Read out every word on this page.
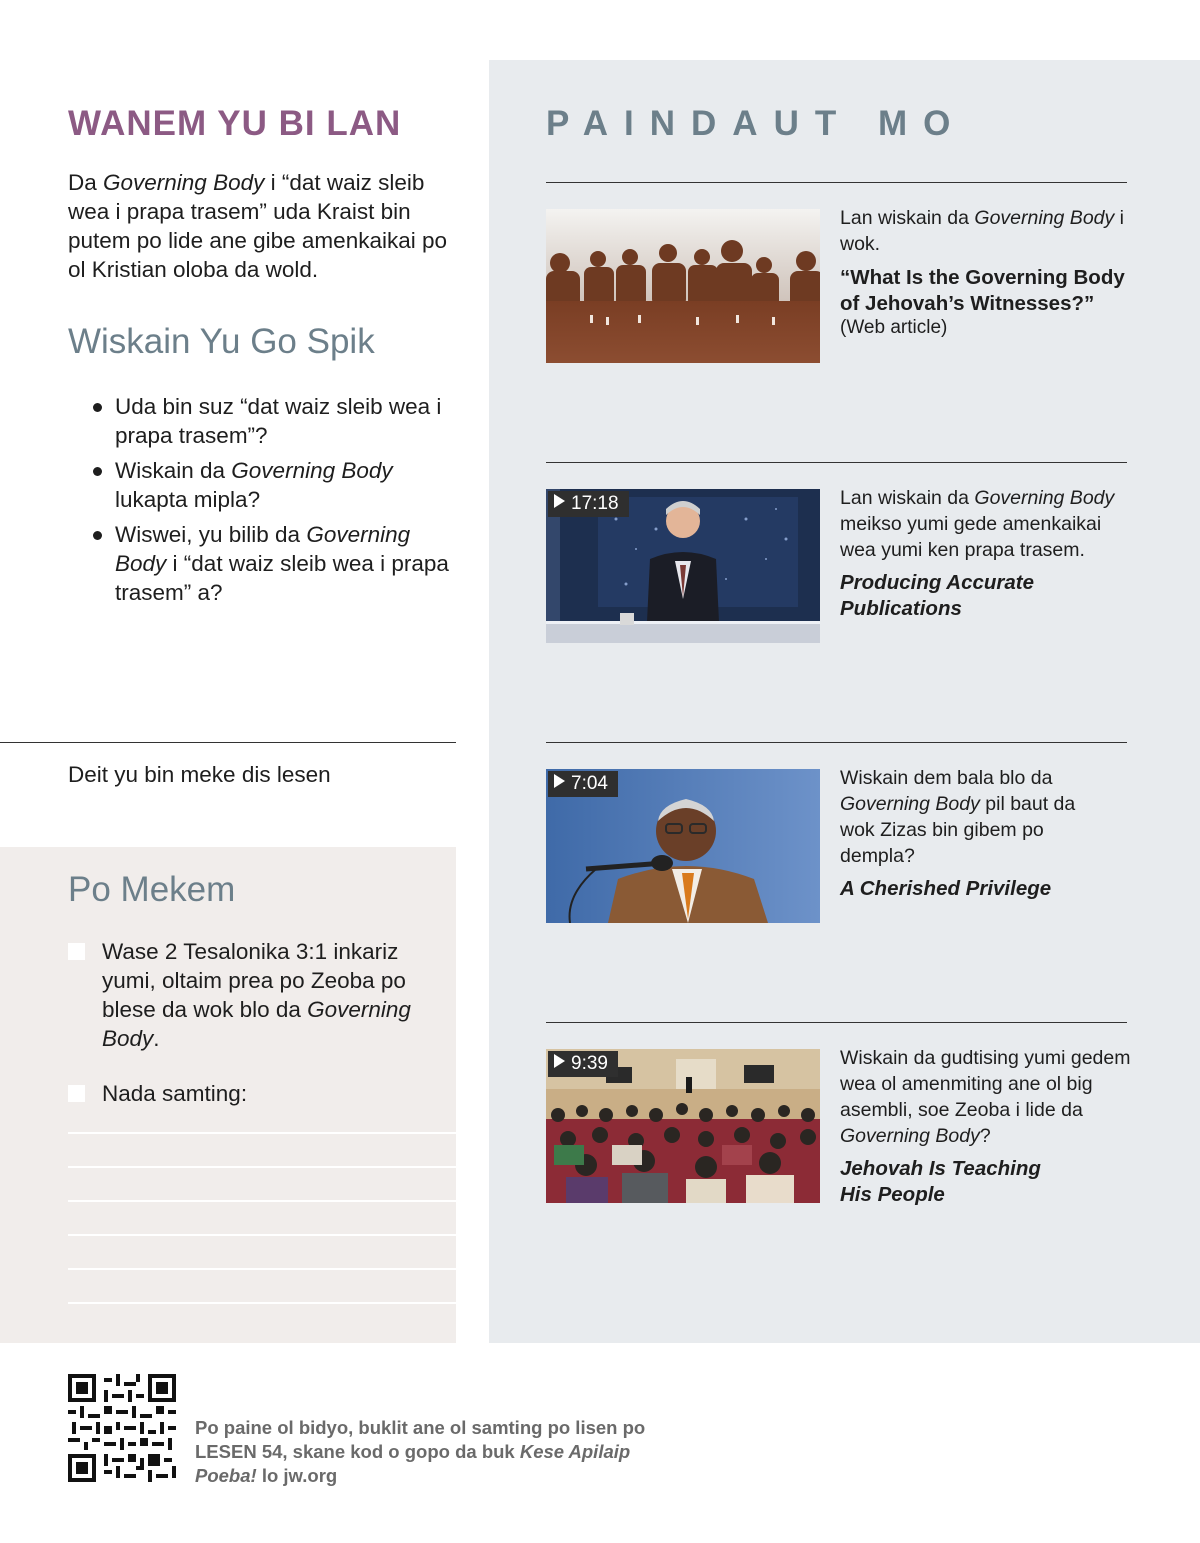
WANEM YU BI LAN

Da Governing Body i “dat waiz sleib wea i prapa trasem” uda Kraist bin putem po lide ane gibe amenkaikai po ol Kristian oloba da wold.

Wiskain Yu Go Spik
Uda bin suz “dat waiz sleib wea i prapa trasem”?
Wiskain da Governing Body lukapta mipla?
Wiswei, yu bilib da Governing Body i “dat waiz sleib wea i prapa trasem” a?

Deit yu bin meke dis lesen

Po Mekem
Wase 2 Tesalonika 3:1 inkariz yumi, oltaim prea po Zeoba po blese da wok blo da Governing Body.
Nada samting:
PAINDAUT MO

Lan wiskain da Governing Body i wok.

“What Is the Governing Body of Jehovah’s Witnesses?”

(Web article)

17:18	Lan wiskain da Governing Body meikso yumi gede amenkaikai wea yumi ken prapa trasem.

Producing Accurate Publications

7:04	Wiskain dem bala blo da Governing Body pil baut da wok Zizas bin gibem po dempla?

A Cherished Privilege

9:39	Wiskain da gudtising yumi gedem wea ol amenmiting ane ol big asembli, soe Zeoba i lide da Governing Body?

Jehovah Is Teaching His People

Po paine ol bidyo, buklit ane ol samting po lisen po LESEN 54, skane kod o gopo da buk Kese Apilaip Poeba! lo jw.org
